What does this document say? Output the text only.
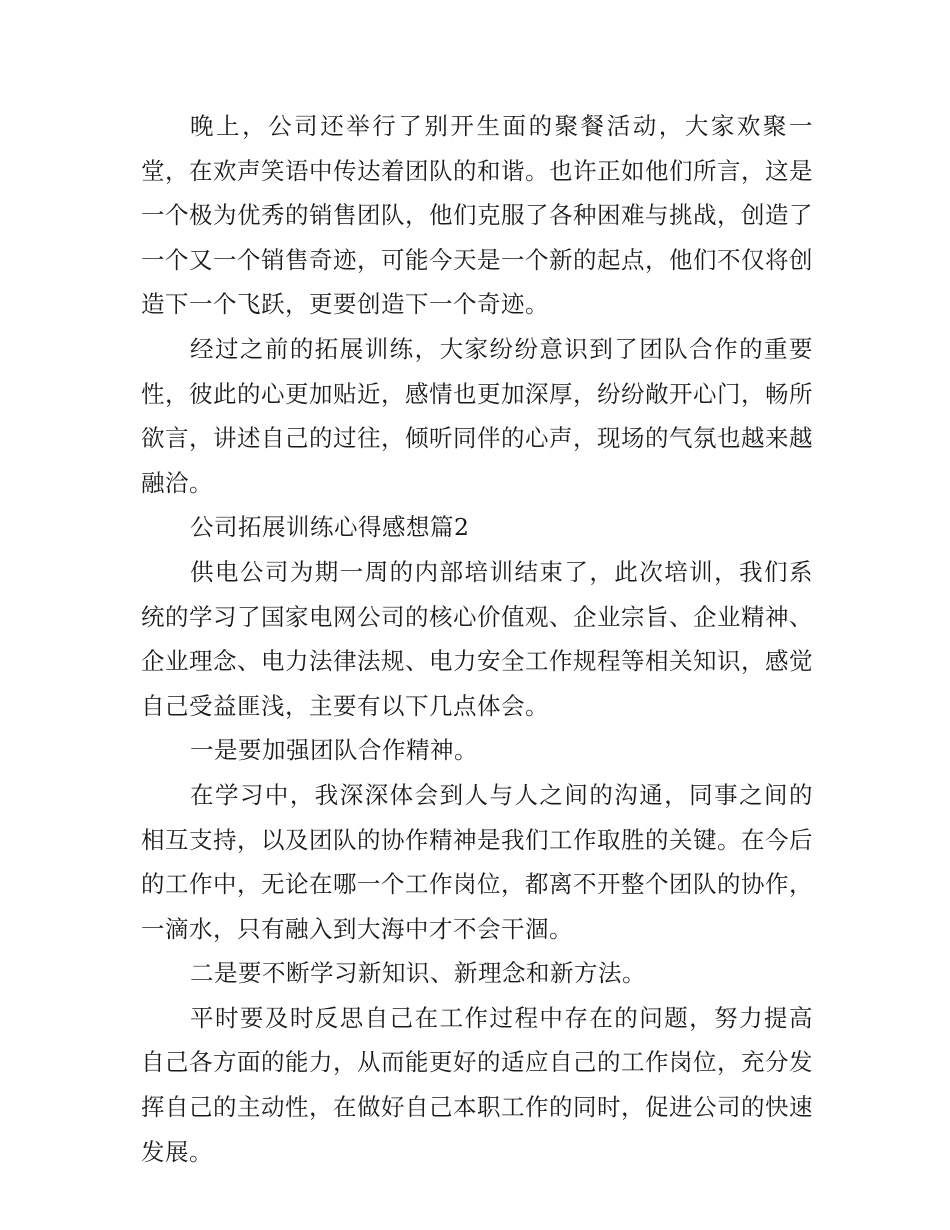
晚上，公司还举行了别开生面的聚餐活动，大家欢聚一堂，在欢声笑语中传达着团队的和谐。也许正如他们所言，这是一个极为优秀的销售团队，他们克服了各种困难与挑战，创造了一个又一个销售奇迹，可能今天是一个新的起点，他们不仅将创造下一个飞跃，更要创造下一个奇迹。

经过之前的拓展训练，大家纷纷意识到了团队合作的重要性，彼此的心更加贴近，感情也更加深厚，纷纷敞开心门，畅所欲言，讲述自己的过往，倾听同伴的心声，现场的气氛也越来越融洽。

公司拓展训练心得感想篇2

供电公司为期一周的内部培训结束了，此次培训，我们系统的学习了国家电网公司的核心价值观、企业宗旨、企业精神、企业理念、电力法律法规、电力安全工作规程等相关知识，感觉自己受益匪浅，主要有以下几点体会。

一是要加强团队合作精神。

在学习中，我深深体会到人与人之间的沟通，同事之间的相互支持，以及团队的协作精神是我们工作取胜的关键。在今后的工作中，无论在哪一个工作岗位，都离不开整个团队的协作，一滴水，只有融入到大海中才不会干涸。

二是要不断学习新知识、新理念和新方法。

平时要及时反思自己在工作过程中存在的问题，努力提高自己各方面的能力，从而能更好的适应自己的工作岗位，充分发挥自己的主动性，在做好自己本职工作的同时，促进公司的快速发展。
